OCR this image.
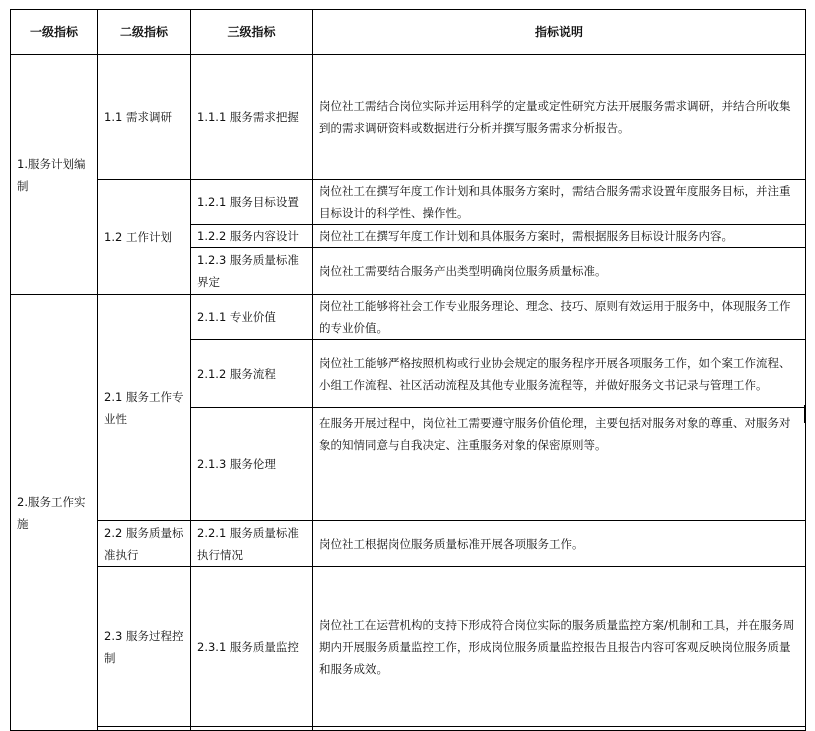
一级指标	二级指标	三级指标	指标说明
1.服务计划编制	1.1 需求调研	1.1.1 服务需求把握	岗位社工需结合岗位实际并运用科学的定量或定性研究方法开展服务需求调研，并结合所收集到的需求调研资料或数据进行分析并撰写服务需求分析报告。
	1.2 工作计划	1.2.1 服务目标设置	岗位社工在撰写年度工作计划和具体服务方案时，需结合服务需求设置年度服务目标，并注重目标设计的科学性、操作性。
		1.2.2 服务内容设计	岗位社工在撰写年度工作计划和具体服务方案时，需根据服务目标设计服务内容。
		1.2.3 服务质量标准界定	岗位社工需要结合服务产出类型明确岗位服务质量标准。
2.服务工作实施	2.1 服务工作专业性	2.1.1 专业价值	岗位社工能够将社会工作专业服务理论、理念、技巧、原则有效运用于服务中，体现服务工作的专业价值。
		2.1.2 服务流程	岗位社工能够严格按照机构或行业协会规定的服务程序开展各项服务工作，如个案工作流程、小组工作流程、社区活动流程及其他专业服务流程等，并做好服务文书记录与管理工作。
		2.1.3 服务伦理	在服务开展过程中，岗位社工需要遵守服务价值伦理，主要包括对服务对象的尊重、对服务对象的知情同意与自我决定、注重服务对象的保密原则等。
	2.2 服务质量标准执行	2.2.1 服务质量标准执行情况	岗位社工根据岗位服务质量标准开展各项服务工作。
	2.3 服务过程控制	2.3.1 服务质量监控	岗位社工在运营机构的支持下形成符合岗位实际的服务质量监控方案/机制和工具，并在服务周期内开展服务质量监控工作，形成岗位服务质量监控报告且报告内容可客观反映岗位服务质量和服务成效。
